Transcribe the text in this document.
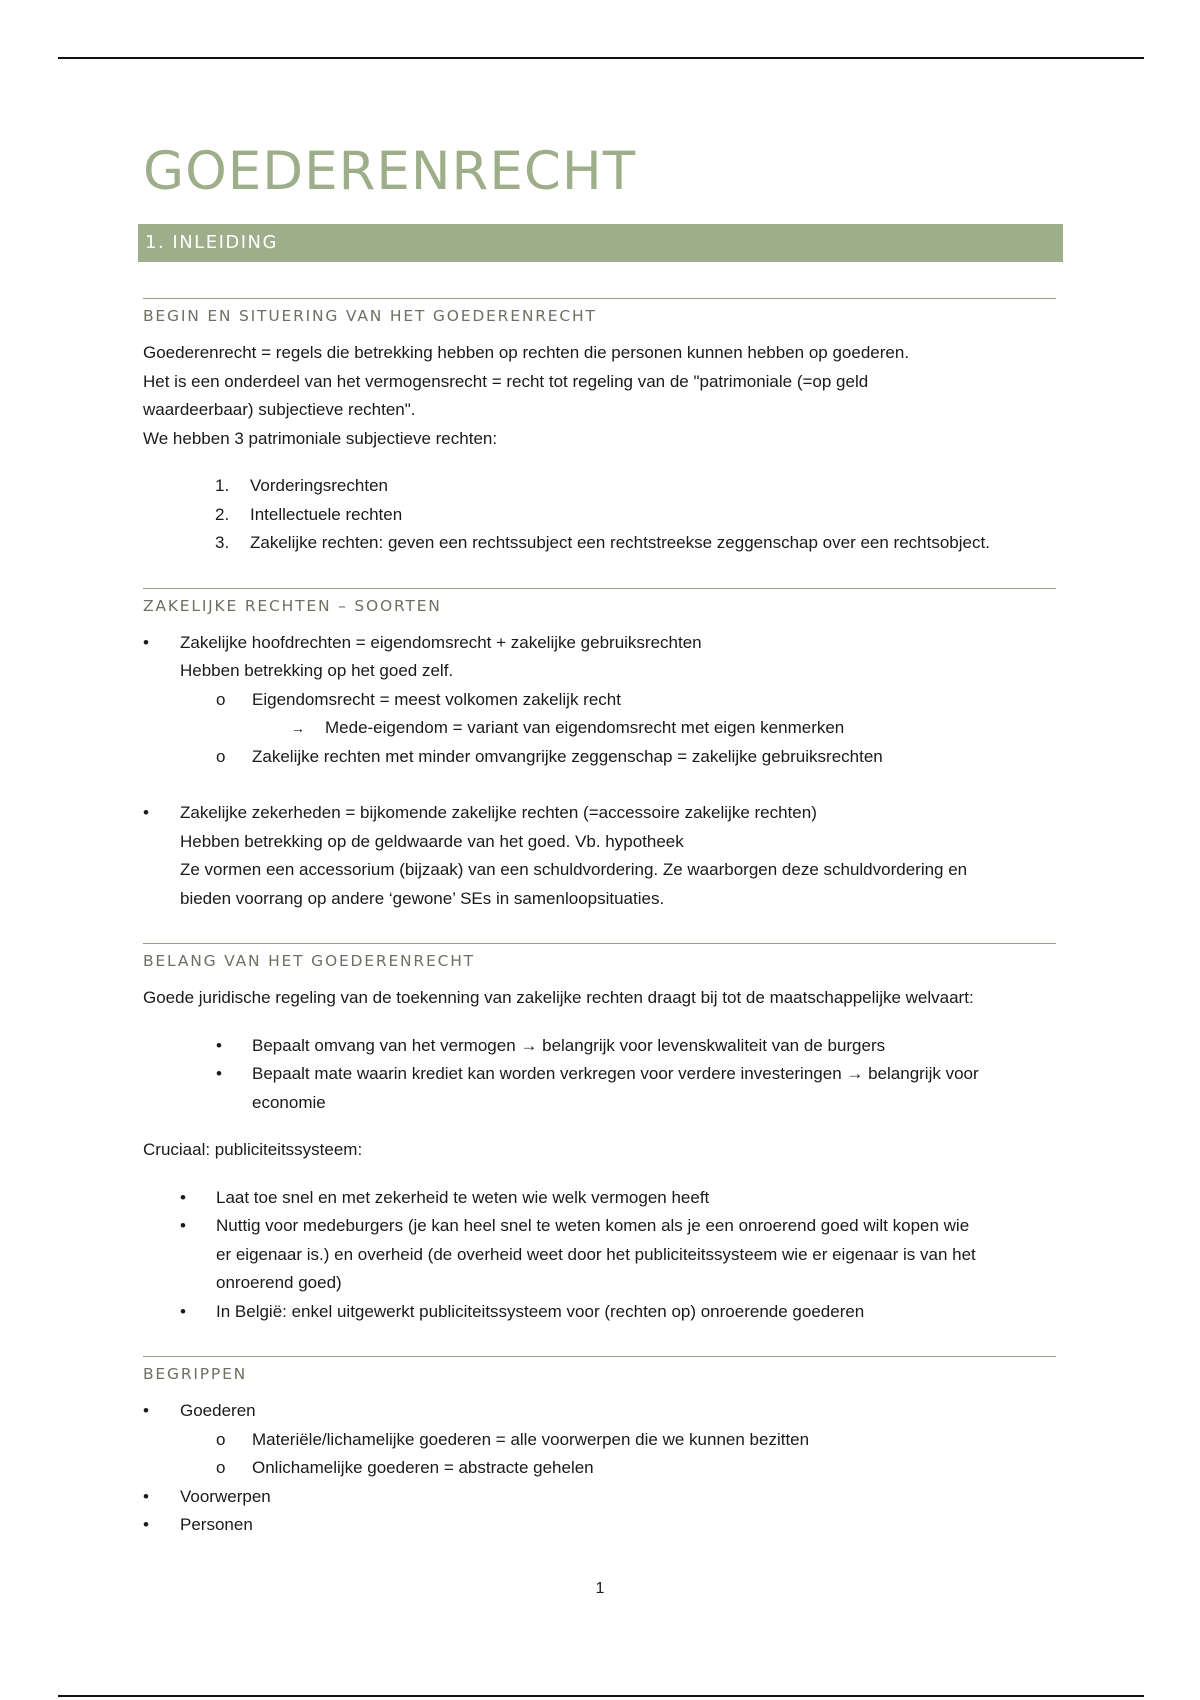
GOEDERENRECHT
1. INLEIDING
BEGIN EN SITUERING VAN HET GOEDERENRECHT

Goederenrecht = regels die betrekking hebben op rechten die personen kunnen hebben op goederen.

Het is een onderdeel van het vermogensrecht = recht tot regeling van de "patrimoniale (=op geld

waardeerbaar) subjectieve rechten".

We hebben 3 patrimoniale subjectieve rechten:

1. Vorderingsrechten
2. Intellectuele rechten
3. Zakelijke rechten: geven een rechtssubject een rechtstreekse zeggenschap over een rechtsobject.
ZAKELIJKE RECHTEN – SOORTEN
• Zakelijke hoofdrechten = eigendomsrecht + zakelijke gebruiksrechten
Hebben betrekking op het goed zelf.
o Eigendomsrecht = meest volkomen zakelijk recht
→ Mede-eigendom = variant van eigendomsrecht met eigen kenmerken
o Zakelijke rechten met minder omvangrijke zeggenschap = zakelijke gebruiksrechten
• Zakelijke zekerheden = bijkomende zakelijke rechten (=accessoire zakelijke rechten)
Hebben betrekking op de geldwaarde van het goed. Vb. hypotheek
Ze vormen een accessorium (bijzaak) van een schuldvordering. Ze waarborgen deze schuldvordering en
bieden voorrang op andere ‘gewone’ SEs in samenloopsituaties.
BELANG VAN HET GOEDERENRECHT

Goede juridische regeling van de toekenning van zakelijke rechten draagt bij tot de maatschappelijke welvaart:

• Bepaalt omvang van het vermogen → belangrijk voor levenskwaliteit van de burgers
• Bepaalt mate waarin krediet kan worden verkregen voor verdere investeringen → belangrijk voor
economie

Cruciaal: publiciteitssysteem:

• Laat toe snel en met zekerheid te weten wie welk vermogen heeft
• Nuttig voor medeburgers (je kan heel snel te weten komen als je een onroerend goed wilt kopen wie
er eigenaar is.) en overheid (de overheid weet door het publiciteitssysteem wie er eigenaar is van het
onroerend goed)
• In België: enkel uitgewerkt publiciteitssysteem voor (rechten op) onroerende goederen
BEGRIPPEN
• Goederen
o Materiële/lichamelijke goederen = alle voorwerpen die we kunnen bezitten
o Onlichamelijke goederen = abstracte gehelen
• Voorwerpen
• Personen
1
